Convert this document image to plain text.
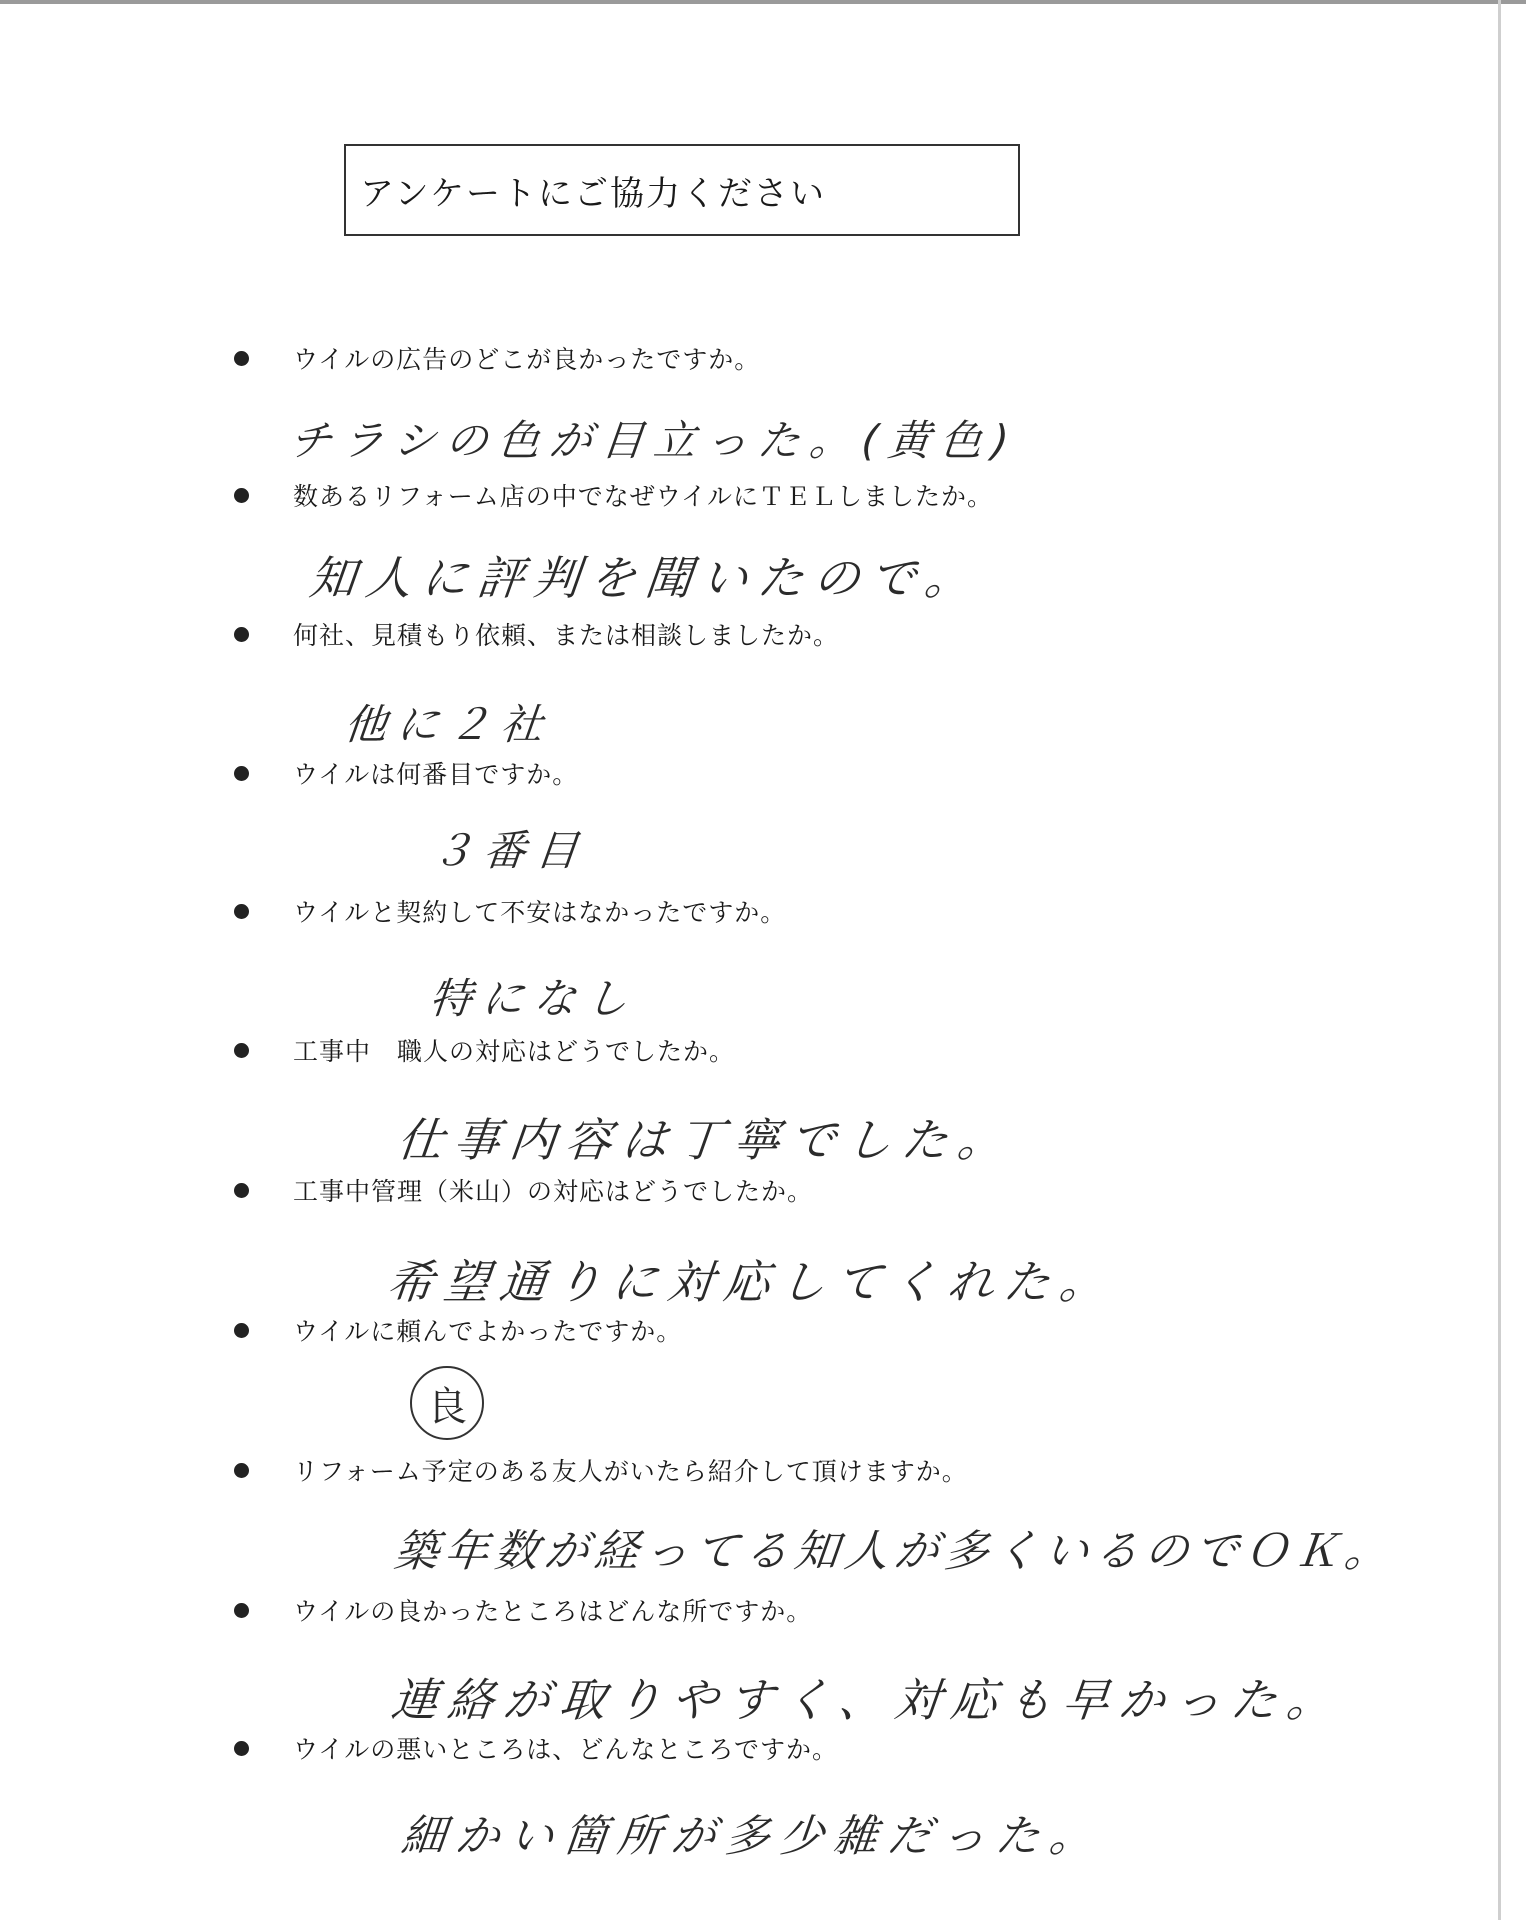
アンケートにご協力ください
ウイルの広告のどこが良かったですか。
チラシの色が目立った。(黄色)
数あるリフォーム店の中でなぜウイルにＴＥＬしましたか。
知人に評判を聞いたので。
何社、見積もり依頼、または相談しましたか。
他に２社
ウイルは何番目ですか。
３番目
ウイルと契約して不安はなかったですか。
特になし
工事中　職人の対応はどうでしたか。
仕事内容は丁寧でした。
工事中管理（米山）の対応はどうでしたか。
希望通りに対応してくれた。
ウイルに頼んでよかったですか。
良
リフォーム予定のある友人がいたら紹介して頂けますか。
築年数が経ってる知人が多くいるのでＯＫ。
ウイルの良かったところはどんな所ですか。
連絡が取りやすく、対応も早かった。
ウイルの悪いところは、どんなところですか。
細かい箇所が多少雑だった。
